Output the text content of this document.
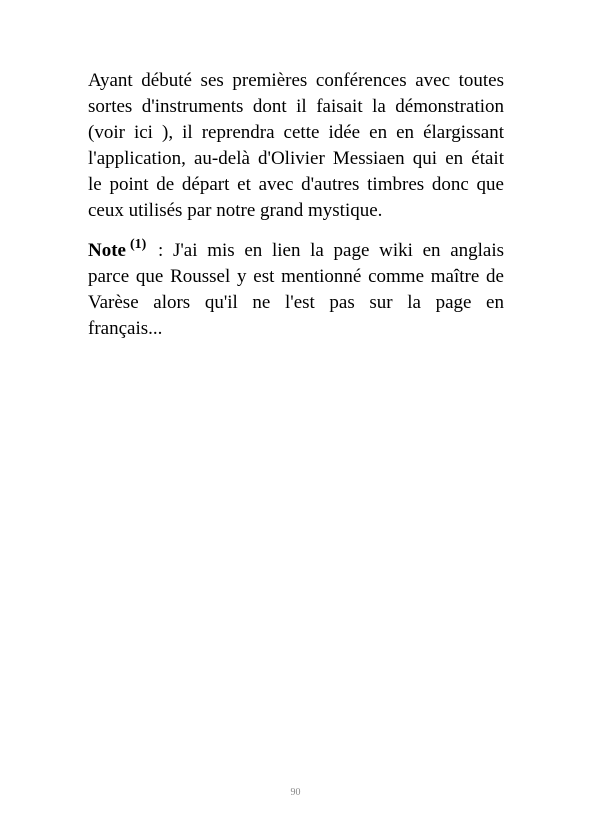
Ayant débuté ses premières conférences avec toutes
sortes d'instruments dont il faisait la démonstration
(voir ici ), il reprendra cette idée en en élargissant
l'application, au-delà d'Olivier Messiaen qui en était
le point de départ et avec d'autres timbres donc que
ceux utilisés par notre grand mystique.

Note $^{(1)}$ : J'ai mis en lien la page wiki en anglais
parce que Roussel y est mentionné comme maître de
Varèse alors qu'il ne l'est pas sur la page en
français...

90
